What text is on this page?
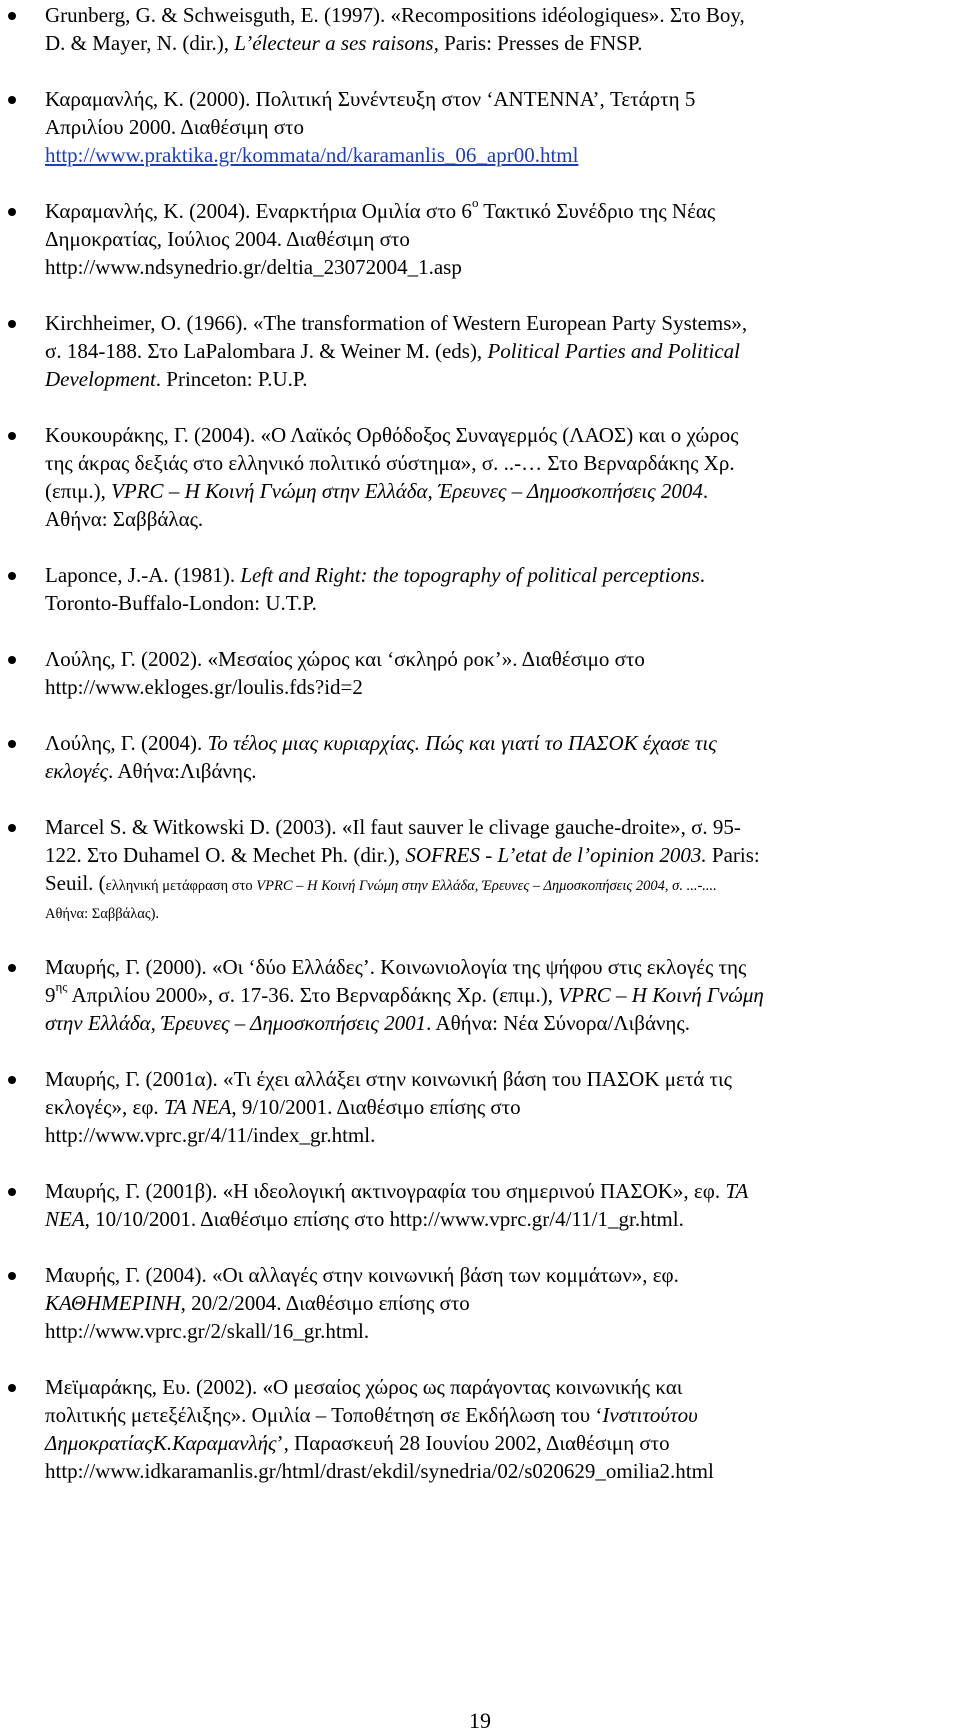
Grunberg, G. & Schweisguth, E. (1997). «Recompositions idéologiques». Στο Boy,
D. & Mayer, N. (dir.), L’électeur a ses raisons, Paris: Presses de FNSP.
Καραμανλής, Κ. (2000). Πολιτική Συνέντευξη στον ‘ANTENNA’, Τετάρτη 5
Απριλίου 2000. Διαθέσιμη στο
http://www.praktika.gr/kommata/nd/karamanlis_06_apr00.html
Καραμανλής, Κ. (2004). Εναρκτήρια Ομιλία στο $6^o$ Τακτικό Συνέδριο της Νέας
Δημοκρατίας, Ιούλιος 2004. Διαθέσιμη στο
http://www.ndsynedrio.gr/deltia_23072004_1.asp
Kirchheimer, O. (1966). «The transformation of Western European Party Systems»,
σ. 184-188. Στο LaPalombara J. & Weiner M. (eds), Political Parties and Political
Development. Princeton: P.U.P.
Κουκουράκης, Γ. (2004). «Ο Λαϊκός Ορθόδοξος Συναγερμός (ΛΑΟΣ) και ο χώρος
της άκρας δεξιάς στο ελληνικό πολιτικό σύστημα», σ. ..-… Στο Βερναρδάκης Χρ.
(επιμ.), VPRC – Η Κοινή Γνώμη στην Ελλάδα, Έρευνες – Δημοσκοπήσεις 2004.
Αθήνα: Σαββάλας.
Laponce, J.-A. (1981). Left and Right: the topography of political perceptions.
Toronto-Buffalo-London: U.T.P.
Λούλης, Γ. (2002). «Μεσαίος χώρος και ‘σκληρό ροκ’». Διαθέσιμο στο
http://www.ekloges.gr/loulis.fds?id=2
Λούλης, Γ. (2004). Το τέλος μιας κυριαρχίας. Πώς και γιατί το ΠΑΣΟΚ έχασε τις
εκλογές. Αθήνα:Λιβάνης.
Marcel S. & Witkowski D. (2003). «Il faut sauver le clivage gauche-droite», σ. 95-
122. Στο Duhamel O. & Mechet Ph. (dir.), SOFRES - L’etat de l’opinion 2003. Paris:
Seuil. (ελληνική μετάφραση στο VPRC – Η Κοινή Γνώμη στην Ελλάδα, Έρευνες – Δημοσκοπήσεις 2004, σ. ...-....
Αθήνα: Σαββάλας).
Μαυρής, Γ. (2000). «Οι ‘δύο Ελλάδες’. Κοινωνιολογία της ψήφου στις εκλογές της
$9^{\eta\varsigma}$ Απριλίου 2000», σ. 17-36. Στο Βερναρδάκης Χρ. (επιμ.), VPRC – Η Κοινή Γνώμη
στην Ελλάδα, Έρευνες – Δημοσκοπήσεις 2001. Αθήνα: Νέα Σύνορα/Λιβάνης.
Μαυρής, Γ. (2001α). «Τι έχει αλλάξει στην κοινωνική βάση του ΠΑΣΟΚ μετά τις
εκλογές», εφ. ΤΑ ΝΕΑ, 9/10/2001. Διαθέσιμο επίσης στο
http://www.vprc.gr/4/11/index_gr.html.
Μαυρής, Γ. (2001β). «Η ιδεολογική ακτινογραφία του σημερινού ΠΑΣΟΚ», εφ. ΤΑ
ΝΕΑ, 10/10/2001. Διαθέσιμο επίσης στο http://www.vprc.gr/4/11/1_gr.html.
Μαυρής, Γ. (2004). «Οι αλλαγές στην κοινωνική βάση των κομμάτων», εφ.
ΚΑΘΗΜΕΡΙΝΗ, 20/2/2004. Διαθέσιμο επίσης στο
http://www.vprc.gr/2/skall/16_gr.html.
Μεϊμαράκης, Ευ. (2002). «Ο μεσαίος χώρος ως παράγοντας κοινωνικής και
πολιτικής μετεξέλιξης». Ομιλία – Τοποθέτηση σε Εκδήλωση του ‘Ινστιτούτου
ΔημοκρατίαςΚ.Καραμανλής’, Παρασκευή 28 Ιουνίου 2002, Διαθέσιμη στο
http://www.idkaramanlis.gr/html/drast/ekdil/synedria/02/s020629_omilia2.html
19
